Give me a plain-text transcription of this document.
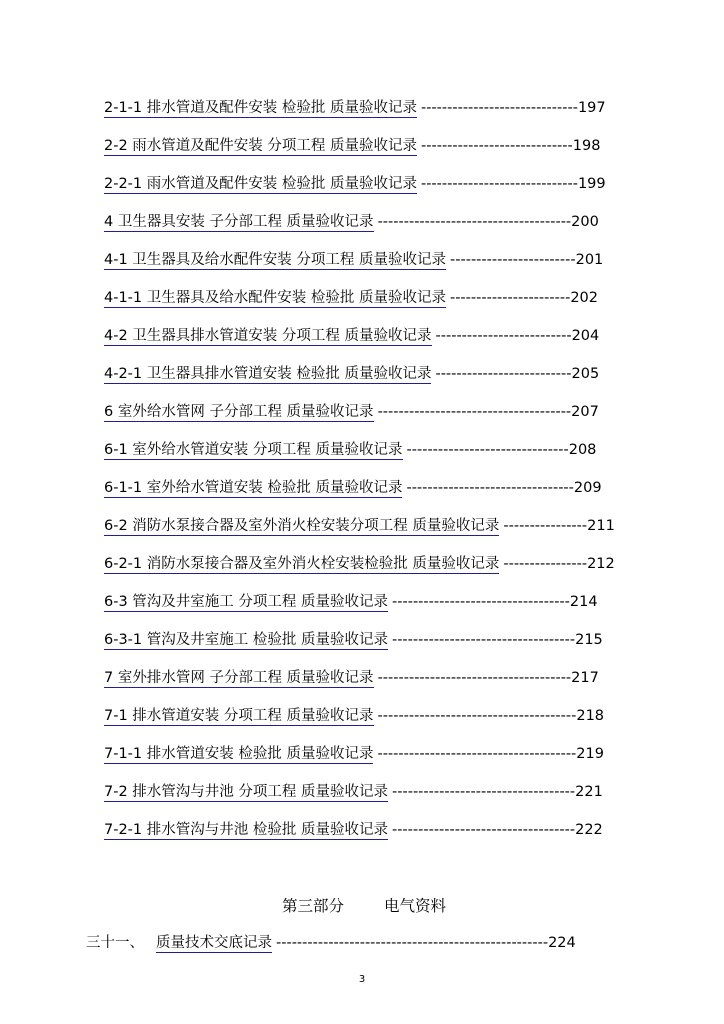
2-1-1 排水管道及配件安装 检验批 质量验收记录 ------------------------------197
2-2 雨水管道及配件安装 分项工程 质量验收记录 -----------------------------198
2-2-1 雨水管道及配件安装 检验批 质量验收记录 ------------------------------199
4 卫生器具安装 子分部工程 质量验收记录 -------------------------------------200
4-1 卫生器具及给水配件安装 分项工程 质量验收记录 ------------------------201
4-1-1 卫生器具及给水配件安装 检验批 质量验收记录 -----------------------202
4-2 卫生器具排水管道安装 分项工程 质量验收记录 --------------------------204
4-2-1 卫生器具排水管道安装 检验批 质量验收记录 --------------------------205
6 室外给水管网 子分部工程 质量验收记录 -------------------------------------207
6-1 室外给水管道安装 分项工程 质量验收记录 -------------------------------208
6-1-1 室外给水管道安装 检验批 质量验收记录 --------------------------------209
6-2 消防水泵接合器及室外消火栓安装分项工程 质量验收记录 ----------------211
6-2-1 消防水泵接合器及室外消火栓安装检验批 质量验收记录 ----------------212
6-3 管沟及井室施工 分项工程 质量验收记录 ----------------------------------214
6-3-1 管沟及井室施工 检验批 质量验收记录 -----------------------------------215
7 室外排水管网 子分部工程 质量验收记录 -------------------------------------217
7-1 排水管道安装 分项工程 质量验收记录 --------------------------------------218
7-1-1 排水管道安装 检验批 质量验收记录 --------------------------------------219
7-2 排水管沟与井池 分项工程 质量验收记录 -----------------------------------221
7-2-1 排水管沟与井池 检验批 质量验收记录 -----------------------------------222
第三部分	电气资料
三十一、 质量技术交底记录 ----------------------------------------------------224
3
